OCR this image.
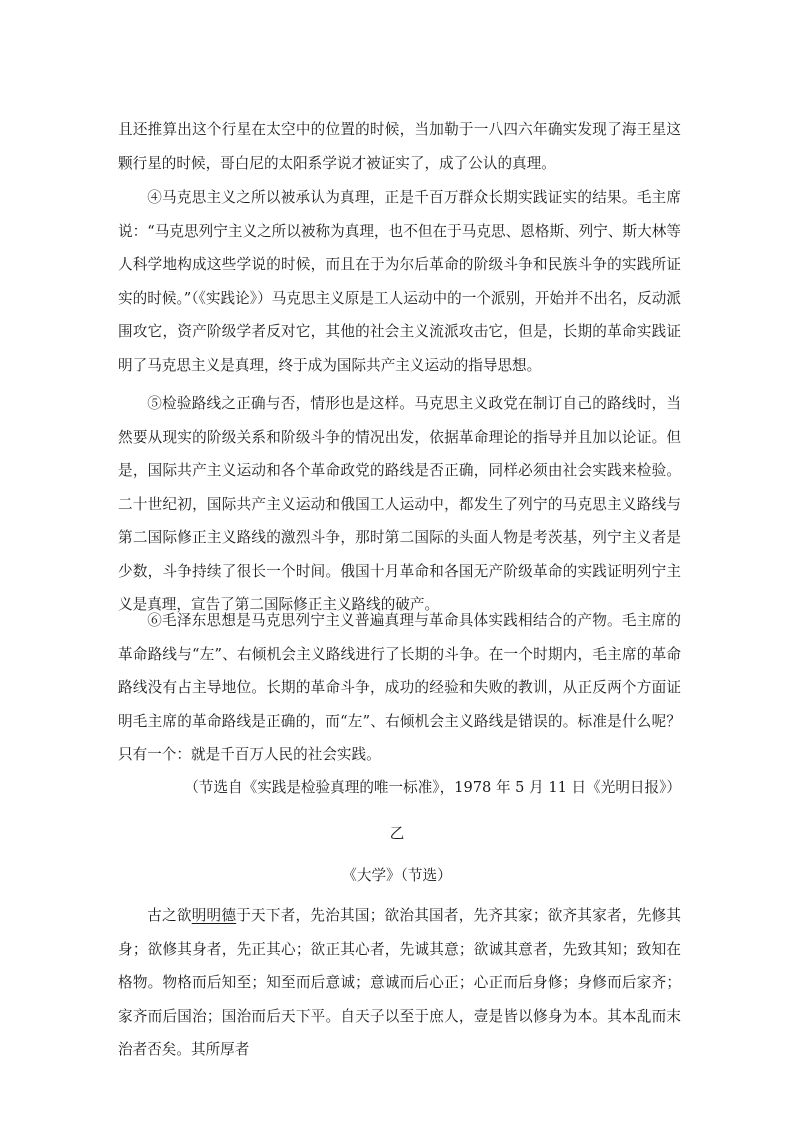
且还推算出这个行星在太空中的位置的时候，当加勒于一八四六年确实发现了海王星这颗行星的时候，哥白尼的太阳系学说才被证实了，成了公认的真理。

④马克思主义之所以被承认为真理，正是千百万群众长期实践证实的结果。毛主席说：“马克思列宁主义之所以被称为真理，也不但在于马克思、恩格斯、列宁、斯大林等人科学地构成这些学说的时候，而且在于为尔后革命的阶级斗争和民族斗争的实践所证实的时候。”（《实践论》）马克思主义原是工人运动中的一个派别，开始并不出名，反动派围攻它，资产阶级学者反对它，其他的社会主义流派攻击它，但是，长期的革命实践证明了马克思主义是真理，终于成为国际共产主义运动的指导思想。

⑤检验路线之正确与否，情形也是这样。马克思主义政党在制订自己的路线时，当然要从现实的阶级关系和阶级斗争的情况出发，依据革命理论的指导并且加以论证。但是，国际共产主义运动和各个革命政党的路线是否正确，同样必须由社会实践来检验。二十世纪初，国际共产主义运动和俄国工人运动中，都发生了列宁的马克思主义路线与第二国际修正主义路线的激烈斗争，那时第二国际的头面人物是考茨基，列宁主义者是少数，斗争持续了很长一个时间。俄国十月革命和各国无产阶级革命的实践证明列宁主义是真理，宣告了第二国际修正主义路线的破产。

⑥毛泽东思想是马克思列宁主义普遍真理与革命具体实践相结合的产物。毛主席的革命路线与“左”、右倾机会主义路线进行了长期的斗争。在一个时期内，毛主席的革命路线没有占主导地位。长期的革命斗争，成功的经验和失败的教训，从正反两个方面证明毛主席的革命路线是正确的，而“左”、右倾机会主义路线是错误的。标准是什么呢？只有一个：就是千百万人民的社会实践。

（节选自《实践是检验真理的唯一标准》，1978 年 5 月 11 日《光明日报》）
乙
《大学》（节选）

古之欲明明德于天下者，先治其国；欲治其国者，先齐其家；欲齐其家者，先修其身；欲修其身者，先正其心；欲正其心者，先诚其意；欲诚其意者，先致其知；致知在格物。物格而后知至；知至而后意诚；意诚而后心正；心正而后身修；身修而后家齐；家齐而后国治；国治而后天下平。自天子以至于庶人，壹是皆以修身为本。其本乱而末治者否矣。其所厚者
